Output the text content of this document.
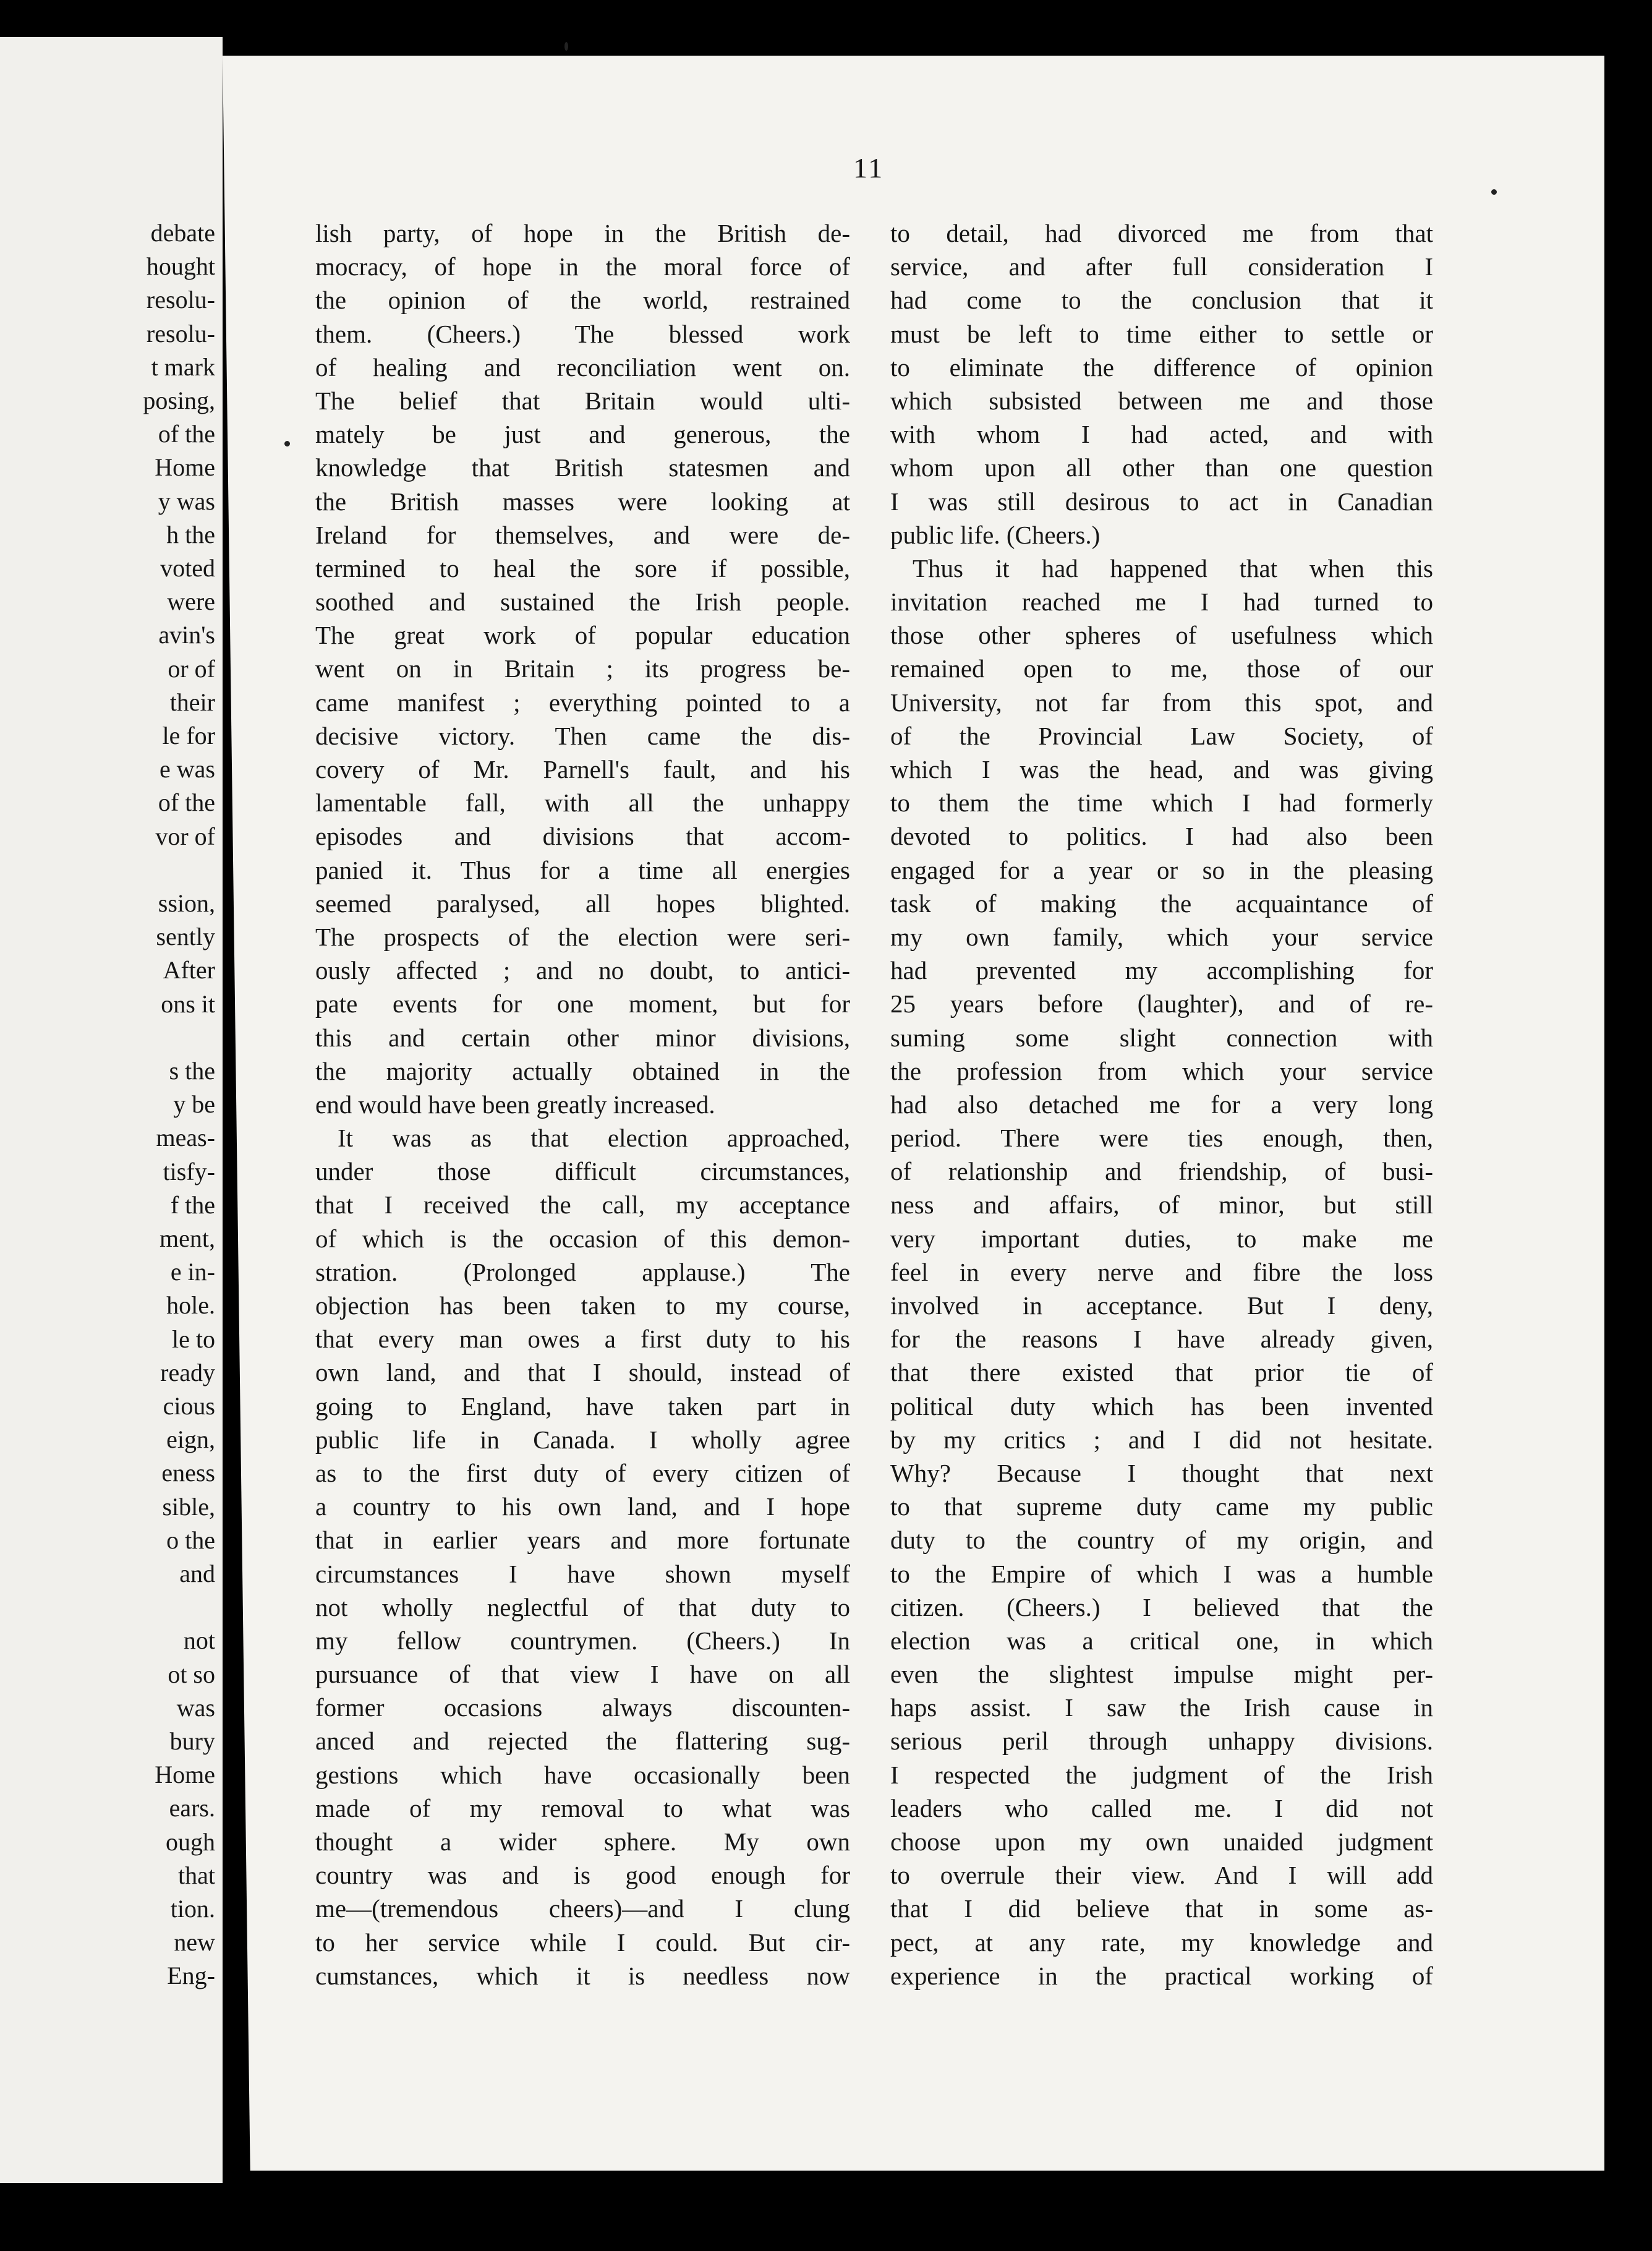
debate
hought
resolu-
resolu-
t mark
posing,
of the
Home
y was
h the
voted
were
avin's
or of
their
le for
e was
of the
vor of
ssion,
sently
After
ons it
s the
y be
meas-
tisfy-
f the
ment,
e in-
hole.
le to
ready
cious
eign,
eness
sible,
o the
and
not
ot so
was
bury
Home
ears.
ough
that
tion.
new
Eng-
11
lish party, of hope in the British de-
mocracy, of hope in the moral force of
the opinion of the world, restrained
them. (Cheers.) The blessed work
of healing and reconciliation went on.
The belief that Britain would ulti-
mately be just and generous, the
knowledge that British statesmen and
the British masses were looking at
Ireland for themselves, and were de-
termined to heal the sore if possible,
soothed and sustained the Irish people.
The great work of popular education
went on in Britain ; its progress be-
came manifest ; everything pointed to a
decisive victory. Then came the dis-
covery of Mr. Parnell's fault, and his
lamentable fall, with all the unhappy
episodes and divisions that accom-
panied it. Thus for a time all energies
seemed paralysed, all hopes blighted.
The prospects of the election were seri-
ously affected ; and no doubt, to antici-
pate events for one moment, but for
this and certain other minor divisions,
the majority actually obtained in the
end would have been greatly increased.
It was as that election approached,
under those difficult circumstances,
that I received the call, my acceptance
of which is the occasion of this demon-
stration. (Prolonged applause.) The
objection has been taken to my course,
that every man owes a first duty to his
own land, and that I should, instead of
going to England, have taken part in
public life in Canada. I wholly agree
as to the first duty of every citizen of
a country to his own land, and I hope
that in earlier years and more fortunate
circumstances I have shown myself
not wholly neglectful of that duty to
my fellow countrymen. (Cheers.) In
pursuance of that view I have on all
former occasions always discounten-
anced and rejected the flattering sug-
gestions which have occasionally been
made of my removal to what was
thought a wider sphere. My own
country was and is good enough for
me—(tremendous cheers)—and I clung
to her service while I could. But cir-
cumstances, which it is needless now
to detail, had divorced me from that
service, and after full consideration I
had come to the conclusion that it
must be left to time either to settle or
to eliminate the difference of opinion
which subsisted between me and those
with whom I had acted, and with
whom upon all other than one question
I was still desirous to act in Canadian
public life. (Cheers.)
Thus it had happened that when this
invitation reached me I had turned to
those other spheres of usefulness which
remained open to me, those of our
University, not far from this spot, and
of the Provincial Law Society, of
which I was the head, and was giving
to them the time which I had formerly
devoted to politics. I had also been
engaged for a year or so in the pleasing
task of making the acquaintance of
my own family, which your service
had prevented my accomplishing for
25 years before (laughter), and of re-
suming some slight connection with
the profession from which your service
had also detached me for a very long
period. There were ties enough, then,
of relationship and friendship, of busi-
ness and affairs, of minor, but still
very important duties, to make me
feel in every nerve and fibre the loss
involved in acceptance. But I deny,
for the reasons I have already given,
that there existed that prior tie of
political duty which has been invented
by my critics ; and I did not hesitate.
Why? Because I thought that next
to that supreme duty came my public
duty to the country of my origin, and
to the Empire of which I was a humble
citizen. (Cheers.) I believed that the
election was a critical one, in which
even the slightest impulse might per-
haps assist. I saw the Irish cause in
serious peril through unhappy divisions.
I respected the judgment of the Irish
leaders who called me. I did not
choose upon my own unaided judgment
to overrule their view. And I will add
that I did believe that in some as-
pect, at any rate, my knowledge and
experience in the practical working of
